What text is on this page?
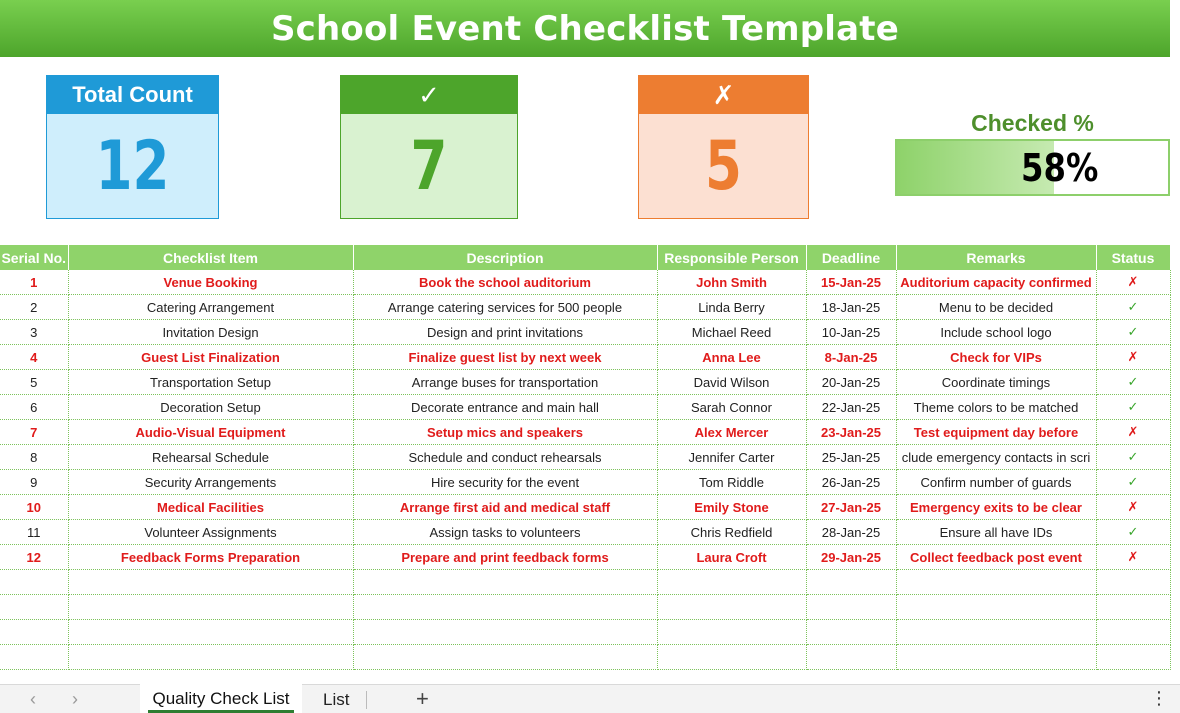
School Event Checklist Template
Total Count
12
✓
7
✗
5
Checked %
58%
Serial No.	Checklist Item	Description	Responsible Person	Deadline	Remarks	Status
1	Venue Booking	Book the school auditorium	John Smith	15-Jan-25	Auditorium capacity confirmed	✗
2	Catering Arrangement	Arrange catering services for 500 people	Linda Berry	18-Jan-25	Menu to be decided	✓
3	Invitation Design	Design and print invitations	Michael Reed	10-Jan-25	Include school logo	✓
4	Guest List Finalization	Finalize guest list by next week	Anna Lee	8-Jan-25	Check for VIPs	✗
5	Transportation Setup	Arrange buses for transportation	David Wilson	20-Jan-25	Coordinate timings	✓
6	Decoration Setup	Decorate entrance and main hall	Sarah Connor	22-Jan-25	Theme colors to be matched	✓
7	Audio-Visual Equipment	Setup mics and speakers	Alex Mercer	23-Jan-25	Test equipment day before	✗
8	Rehearsal Schedule	Schedule and conduct rehearsals	Jennifer Carter	25-Jan-25	clude emergency contacts in scri	✓
9	Security Arrangements	Hire security for the event	Tom Riddle	26-Jan-25	Confirm number of guards	✓
10	Medical Facilities	Arrange first aid and medical staff	Emily Stone	27-Jan-25	Emergency exits to be clear	✗
11	Volunteer Assignments	Assign tasks to volunteers	Chris Redfield	28-Jan-25	Ensure all have IDs	✓
12	Feedback Forms Preparation	Prepare and print feedback forms	Laura Croft	29-Jan-25	Collect feedback post event	✗

‹ ›	Quality Check List	List	+	⋮
